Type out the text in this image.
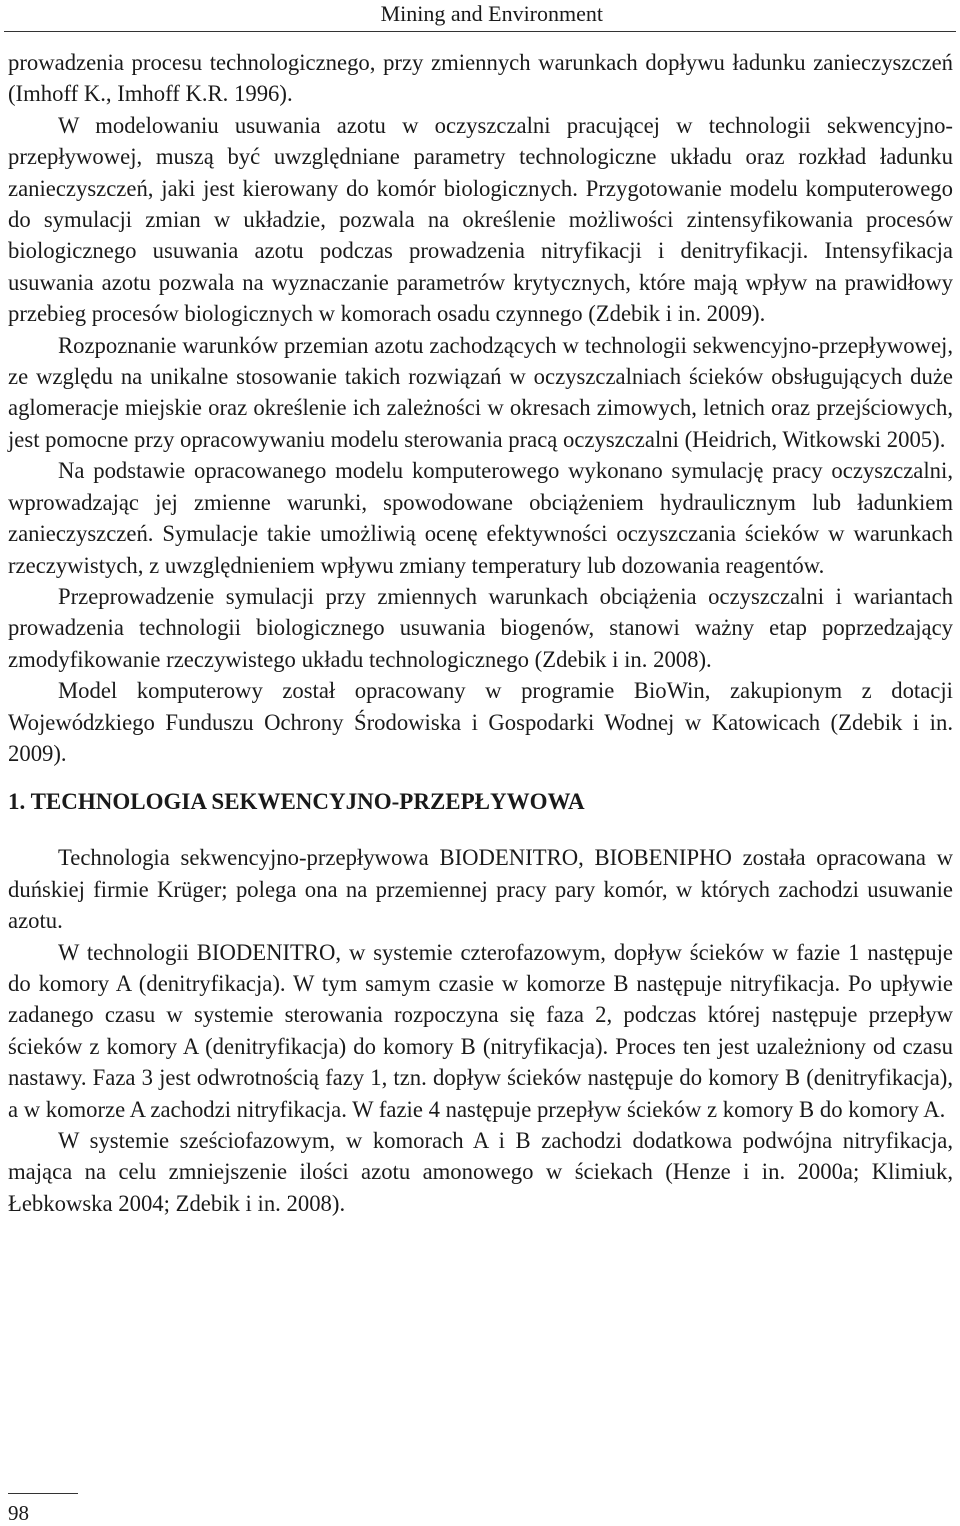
Mining and Environment

prowadzenia procesu technologicznego, przy zmiennych warunkach dopływu ładunku zanieczyszczeń (Imhoff K., Imhoff K.R. 1996).

W modelowaniu usuwania azotu w oczyszczalni pracującej w technologii sekwencyjno-przepływowej, muszą być uwzględniane parametry technologiczne układu oraz rozkład ładunku zanieczyszczeń, jaki jest kierowany do komór biologicznych. Przygotowanie modelu komputerowego do symulacji zmian w układzie, pozwala na określenie możliwości zintensyfikowania procesów biologicznego usuwania azotu podczas prowadzenia nitryfikacji i denitryfikacji. Intensyfikacja usuwania azotu pozwala na wyznaczanie parametrów krytycznych, które mają wpływ na prawidłowy przebieg procesów biologicznych w komorach osadu czynnego (Zdebik i in. 2009).

Rozpoznanie warunków przemian azotu zachodzących w technologii sekwencyjno-przepływowej, ze względu na unikalne stosowanie takich rozwiązań w oczyszczalniach ścieków obsługujących duże aglomeracje miejskie oraz określenie ich zależności w okresach zimowych, letnich oraz przejściowych, jest pomocne przy opracowywaniu modelu sterowania pracą oczyszczalni (Heidrich, Witkowski 2005).

Na podstawie opracowanego modelu komputerowego wykonano symulację pracy oczyszczalni, wprowadzając jej zmienne warunki, spowodowane obciążeniem hydraulicznym lub ładunkiem zanieczyszczeń. Symulacje takie umożliwią ocenę efektywności oczyszczania ścieków w warunkach rzeczywistych, z uwzględnieniem wpływu zmiany temperatury lub dozowania reagentów.

Przeprowadzenie symulacji przy zmiennych warunkach obciążenia oczyszczalni i wariantach prowadzenia technologii biologicznego usuwania biogenów, stanowi ważny etap poprzedzający zmodyfikowanie rzeczywistego układu technologicznego (Zdebik i in. 2008).

Model komputerowy został opracowany w programie BioWin, zakupionym z dotacji Wojewódzkiego Funduszu Ochrony Środowiska i Gospodarki Wodnej w Katowicach (Zdebik i in. 2009).

1. TECHNOLOGIA SEKWENCYJNO-PRZEPŁYWOWA

Technologia sekwencyjno-przepływowa BIODENITRO, BIOBENIPHO została opracowana w duńskiej firmie Krüger; polega ona na przemiennej pracy pary komór, w których zachodzi usuwanie azotu.

W technologii BIODENITRO, w systemie czterofazowym, dopływ ścieków w fazie 1 następuje do komory A (denitryfikacja). W tym samym czasie w komorze B następuje nitryfikacja. Po upływie zadanego czasu w systemie sterowania rozpoczyna się faza 2, podczas której następuje przepływ ścieków z komory A (denitryfikacja) do komory B (nitryfikacja). Proces ten jest uzależniony od czasu nastawy. Faza 3 jest odwrotnością fazy 1, tzn. dopływ ścieków następuje do komory B (denitryfikacja), a w komorze A zachodzi nitryfikacja. W fazie 4 następuje przepływ ścieków z komory B do komory A.

W systemie sześciofazowym, w komorach A i B zachodzi dodatkowa podwójna nitryfikacja, mająca na celu zmniejszenie ilości azotu amonowego w ściekach (Henze i in. 2000a; Klimiuk, Łebkowska 2004; Zdebik i in. 2008).

98
